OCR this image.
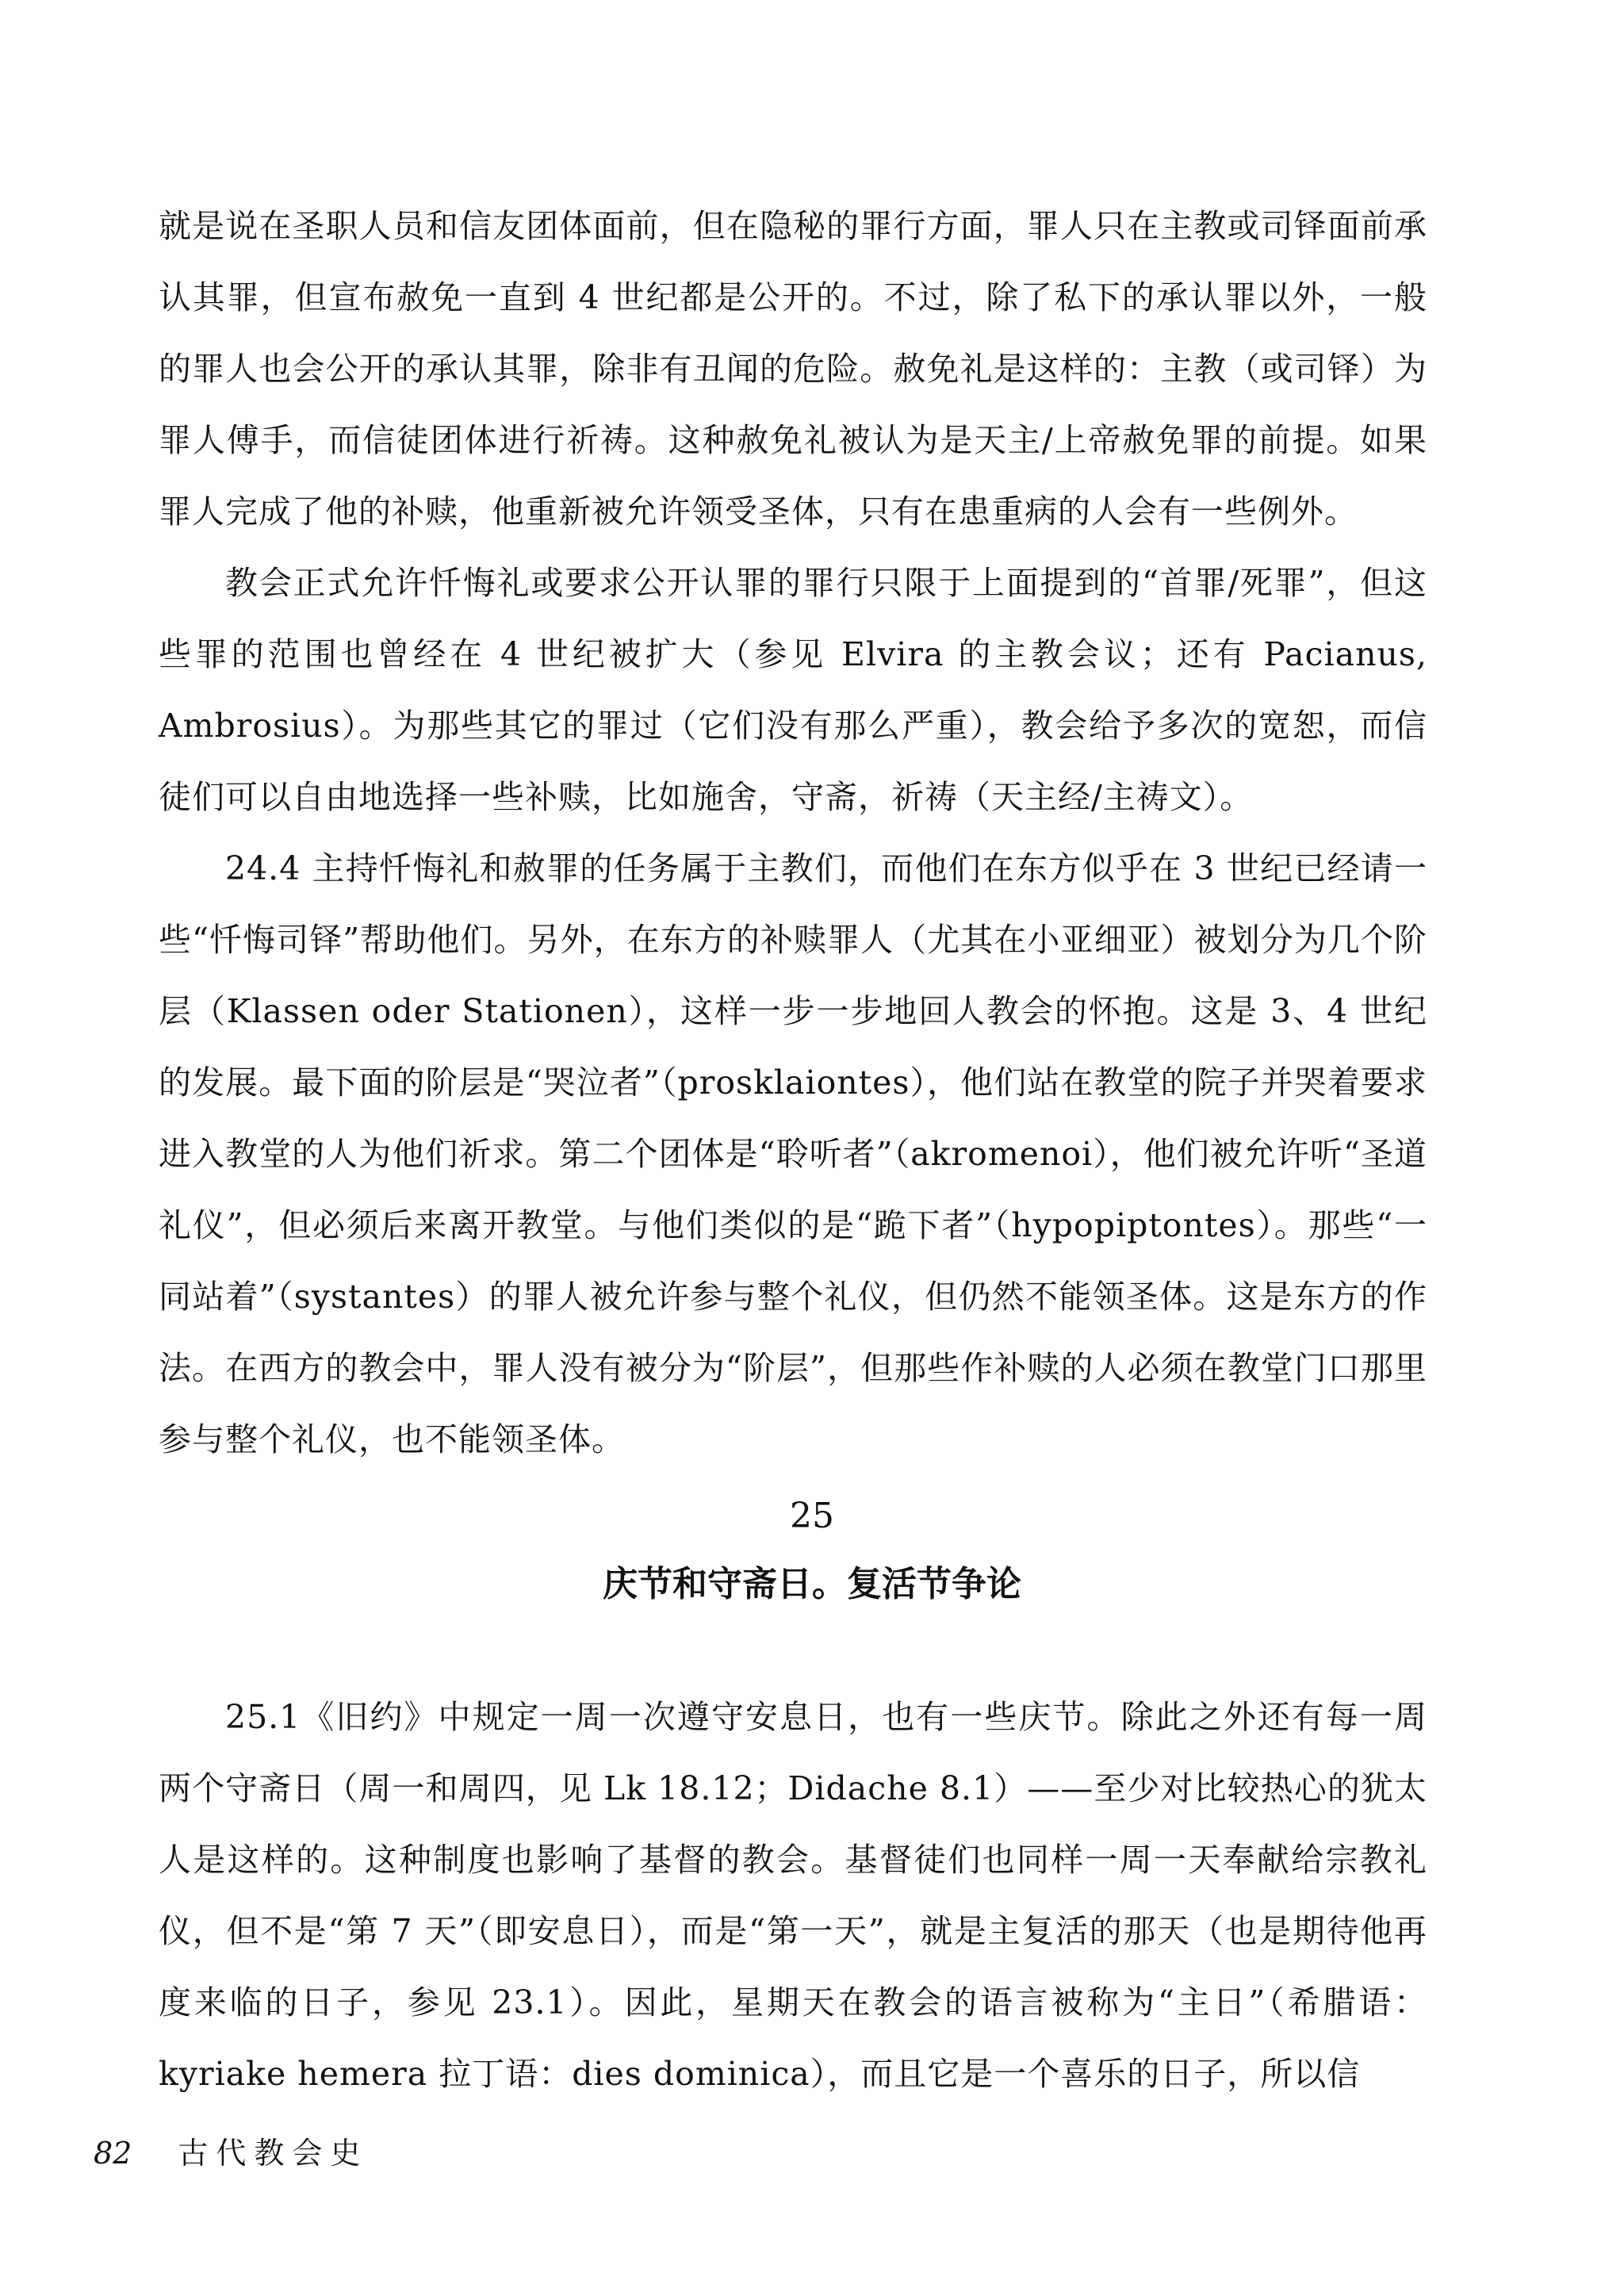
就是说在圣职人员和信友团体面前，但在隐秘的罪行方面，罪人只在主教或司铎面前承认其罪，但宣布赦免一直到 4 世纪都是公开的。不过，除了私下的承认罪以外，一般的罪人也会公开的承认其罪，除非有丑闻的危险。赦免礼是这样的：主教（或司铎）为罪人傅手，而信徒团体进行祈祷。这种赦免礼被认为是天主/上帝赦免罪的前提。如果罪人完成了他的补赎，他重新被允许领受圣体，只有在患重病的人会有一些例外。

教会正式允许忏悔礼或要求公开认罪的罪行只限于上面提到的“首罪/死罪”，但这些罪的范围也曾经在 4 世纪被扩大（参见 Elvira 的主教会议；还有 Pacianus, Ambrosius）。为那些其它的罪过（它们没有那么严重），教会给予多次的宽恕，而信徒们可以自由地选择一些补赎，比如施舍，守斋，祈祷（天主经/主祷文）。

24.4 主持忏悔礼和赦罪的任务属于主教们，而他们在东方似乎在 3 世纪已经请一些“忏悔司铎”帮助他们。另外，在东方的补赎罪人（尤其在小亚细亚）被划分为几个阶层（Klassen oder Stationen），这样一步一步地回人教会的怀抱。这是 3、4 世纪的发展。最下面的阶层是“哭泣者”（prosklaiontes），他们站在教堂的院子并哭着要求进入教堂的人为他们祈求。第二个团体是“聆听者”（akromenoi），他们被允许听“圣道礼仪”，但必须后来离开教堂。与他们类似的是“跪下者”（hypopiptontes）。那些“一同站着”（systantes）的罪人被允许参与整个礼仪，但仍然不能领圣体。这是东方的作法。在西方的教会中，罪人没有被分为“阶层”，但那些作补赎的人必须在教堂门口那里参与整个礼仪，也不能领圣体。

25
庆节和守斋日。复活节争论

25.1《旧约》中规定一周一次遵守安息日，也有一些庆节。除此之外还有每一周两个守斋日（周一和周四，见 Lk 18.12；Didache 8.1）——至少对比较热心的犹太人是这样的。这种制度也影响了基督的教会。基督徒们也同样一周一天奉献给宗教礼仪，但不是“第 7 天”（即安息日），而是“第一天”，就是主复活的那天（也是期待他再度来临的日子，参见 23.1）。因此，星期天在教会的语言被称为“主日”（希腊语：kyriake hemera 拉丁语：dies dominica），而且它是一个喜乐的日子，所以信

82 古代教会史
